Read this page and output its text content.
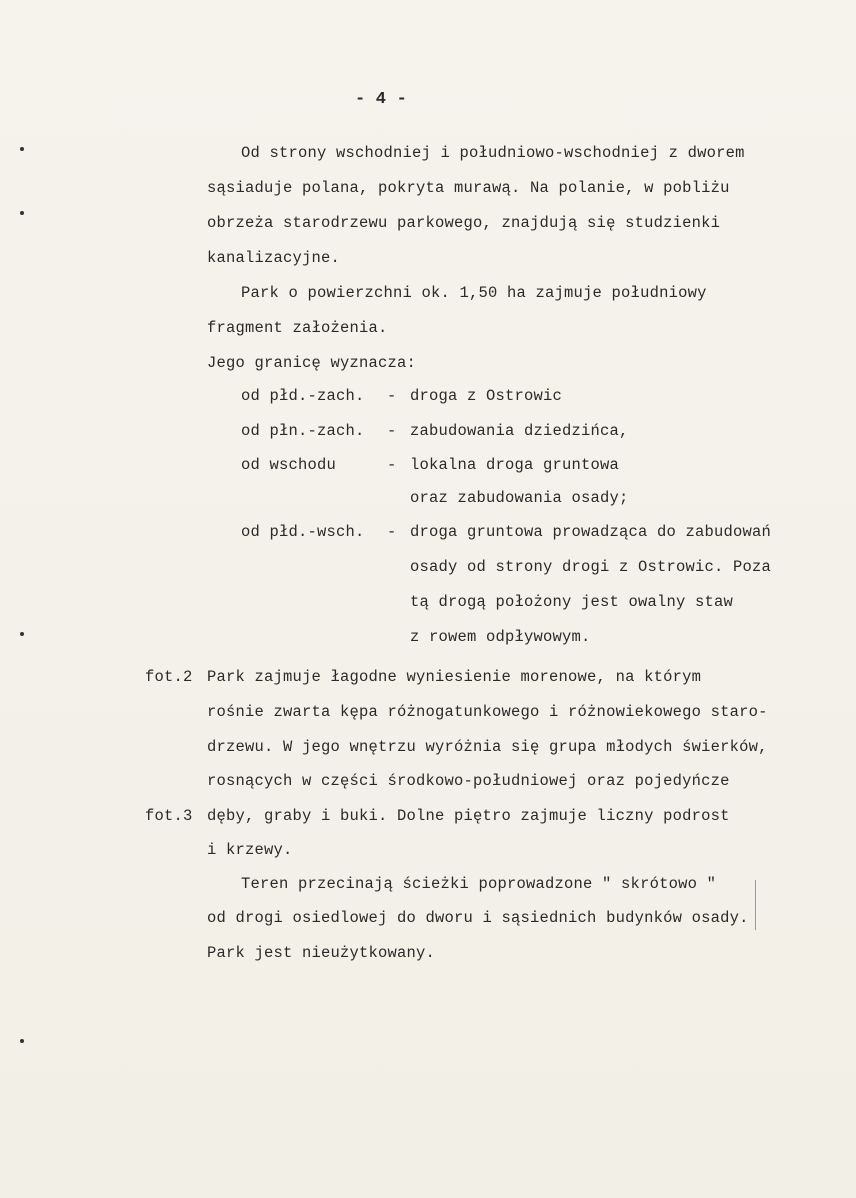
- 4 -
Od strony wschodniej i południowo-wschodniej z dworem
sąsiaduje polana, pokryta murawą. Na polanie, w pobliżu
obrzeża starodrzewu parkowego, znajdują się studzienki
kanalizacyjne.
Park o powierzchni ok. 1,50 ha zajmuje południowy
fragment założenia.
Jego granicę wyznacza:
od płd.-zach. - droga z Ostrowic
od płn.-zach. - zabudowania dziedzińca,
od wschodu	- lokalna droga gruntowa
oraz zabudowania osady;
od płd.-wsch. - droga gruntowa prowadząca do zabudowań
osady od strony drogi z Ostrowic. Poza
tą drogą położony jest owalny staw
z rowem odpływowym.
fot.2
fot.3
Park zajmuje łagodne wyniesienie morenowe, na którym
rośnie zwarta kępa różnogatunkowego i różnowiekowego staro-
drzewu. W jego wnętrzu wyróżnia się grupa młodych świerków,
rosnących w części środkowo-południowej oraz pojedyńcze
dęby, graby i buki. Dolne piętro zajmuje liczny podrost
i krzewy.
Teren przecinają ścieżki poprowadzone " skrótowo "
od drogi osiedlowej do dworu i sąsiednich budynków osady.
Park jest nieużytkowany.
